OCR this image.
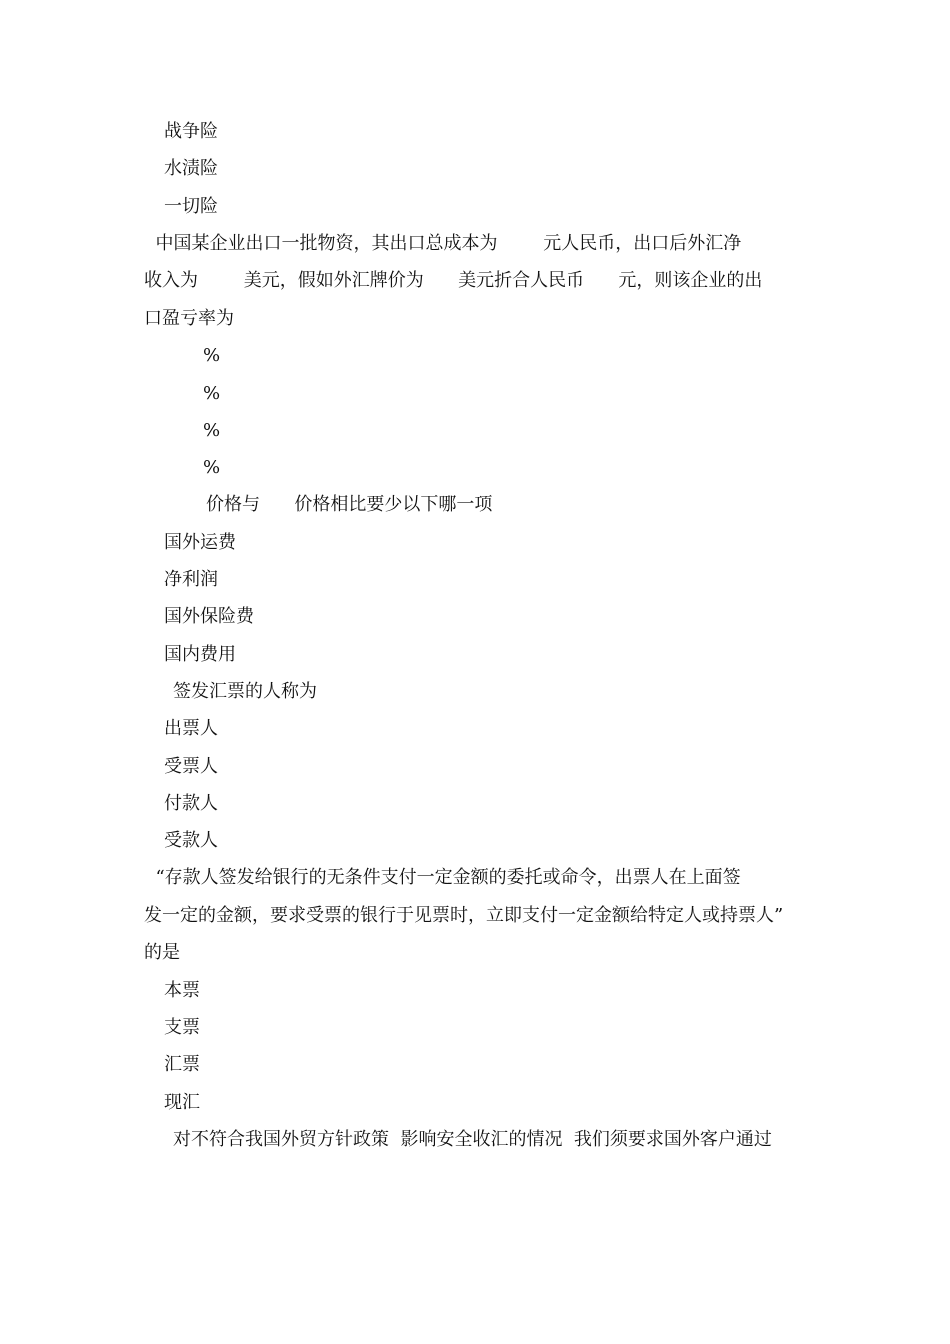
战争险
水渍险
一切险
中国某企业出口一批物资，其出口总成本为        元人民币，出口后外汇净
收入为        美元，假如外汇牌价为      美元折合人民币      元，则该企业的出
口盈亏率为
%
%
%
%
价格与      价格相比要少以下哪一项
国外运费
净利润
国外保险费
国内费用
签发汇票的人称为
出票人
受票人
付款人
受款人
“存款人签发给银行的无条件支付一定金额的委托或命令，出票人在上面签
发一定的金额，要求受票的银行于见票时，立即支付一定金额给特定人或持票人”
的是
本票
支票
汇票
现汇
对不符合我国外贸方针政策  影响安全收汇的情况  我们须要求国外客户通过
